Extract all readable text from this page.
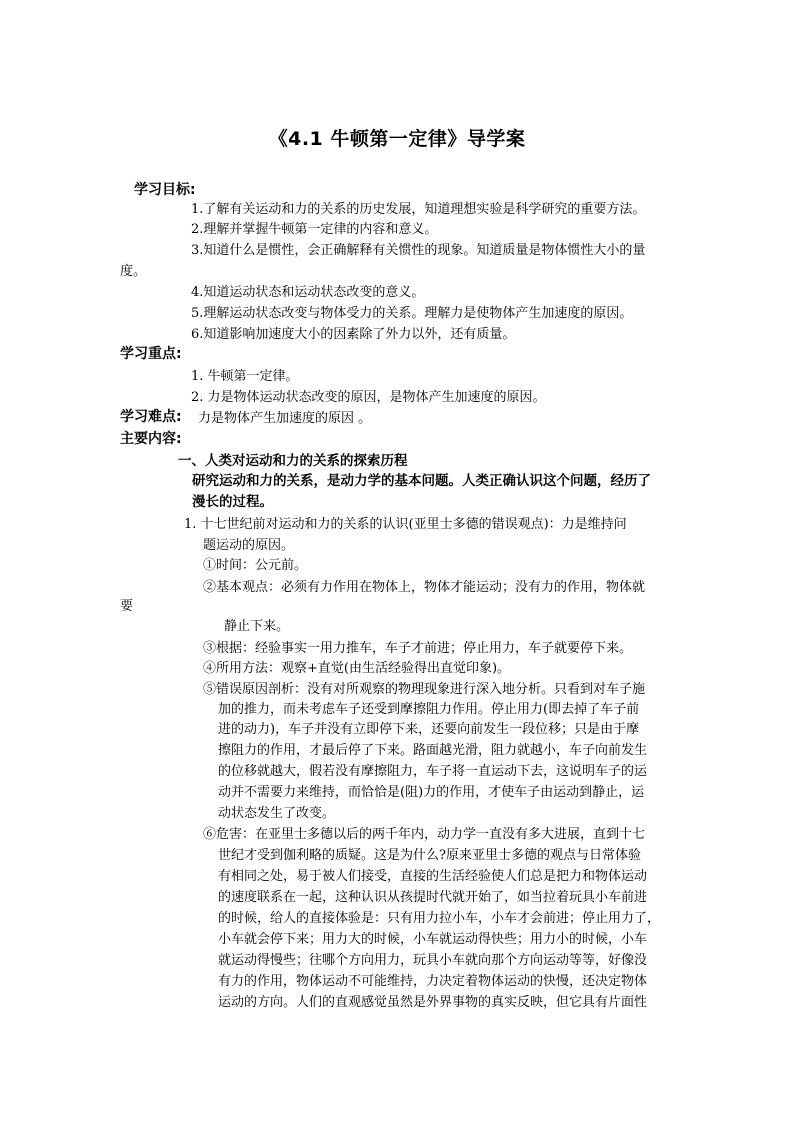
《4.1 牛顿第一定律》导学案
学习目标:
1.了解有关运动和力的关系的历史发展，知道理想实验是科学研究的重要方法。
2.理解并掌握牛顿第一定律的内容和意义。
3.知道什么是惯性，会正确解释有关惯性的现象。知道质量是物体惯性大小的量
度。
4.知道运动状态和运动状态改变的意义。
5.理解运动状态改变与物体受力的关系。理解力是使物体产生加速度的原因。
6.知道影响加速度大小的因素除了外力以外，还有质量。
学习重点:
1. 牛顿第一定律。
2. 力是物体运动状态改变的原因，是物体产生加速度的原因。
学习难点: 力是物体产生加速度的原因 。
主要内容:
一、人类对运动和力的关系的探索历程
研究运动和力的关系，是动力学的基本问题。人类正确认识这个问题，经历了
漫长的过程。
1. 十七世纪前对运动和力的关系的认识(亚里士多德的错误观点)：力是维持问
题运动的原因。
①时间：公元前。
②基本观点：必须有力作用在物体上，物体才能运动；没有力的作用，物体就
要
静止下来。
③根据：经验事实一用力推车，车子才前进；停止用力，车子就要停下来。
④所用方法：观察+直觉(由生活经验得出直觉印象)。
⑤错误原因剖析：没有对所观察的物理现象进行深入地分析。只看到对车子施
加的推力，而未考虑车子还受到摩擦阻力作用。停止用力(即去掉了车子前
进的动力)，车子并没有立即停下来，还要向前发生一段位移；只是由于摩
擦阻力的作用，才最后停了下来。路面越光滑，阻力就越小，车子向前发生
的位移就越大，假若没有摩擦阻力，车子将一直运动下去，这说明车子的运
动并不需要力来维持，而恰恰是(阻)力的作用，才使车子由运动到静止，运
动状态发生了改变。
⑥危害：在亚里士多德以后的两千年内，动力学一直没有多大进展，直到十七
世纪才受到伽利略的质疑。这是为什么?原来亚里士多德的观点与日常体验
有相同之处，易于被人们接受，直接的生活经验使人们总是把力和物体运动
的速度联系在一起，这种认识从孩提时代就开始了，如当拉着玩具小车前进
的时候，给人的直接体验是：只有用力拉小车，小车才会前进；停止用力了，
小车就会停下来；用力大的时候，小车就运动得快些；用力小的时候，小车
就运动得慢些；往哪个方向用力，玩具小车就向那个方向运动等等，好像没
有力的作用，物体运动不可能维持，力决定着物体运动的快慢，还决定物体
运动的方向。人们的直观感觉虽然是外界事物的真实反映，但它具有片面性
